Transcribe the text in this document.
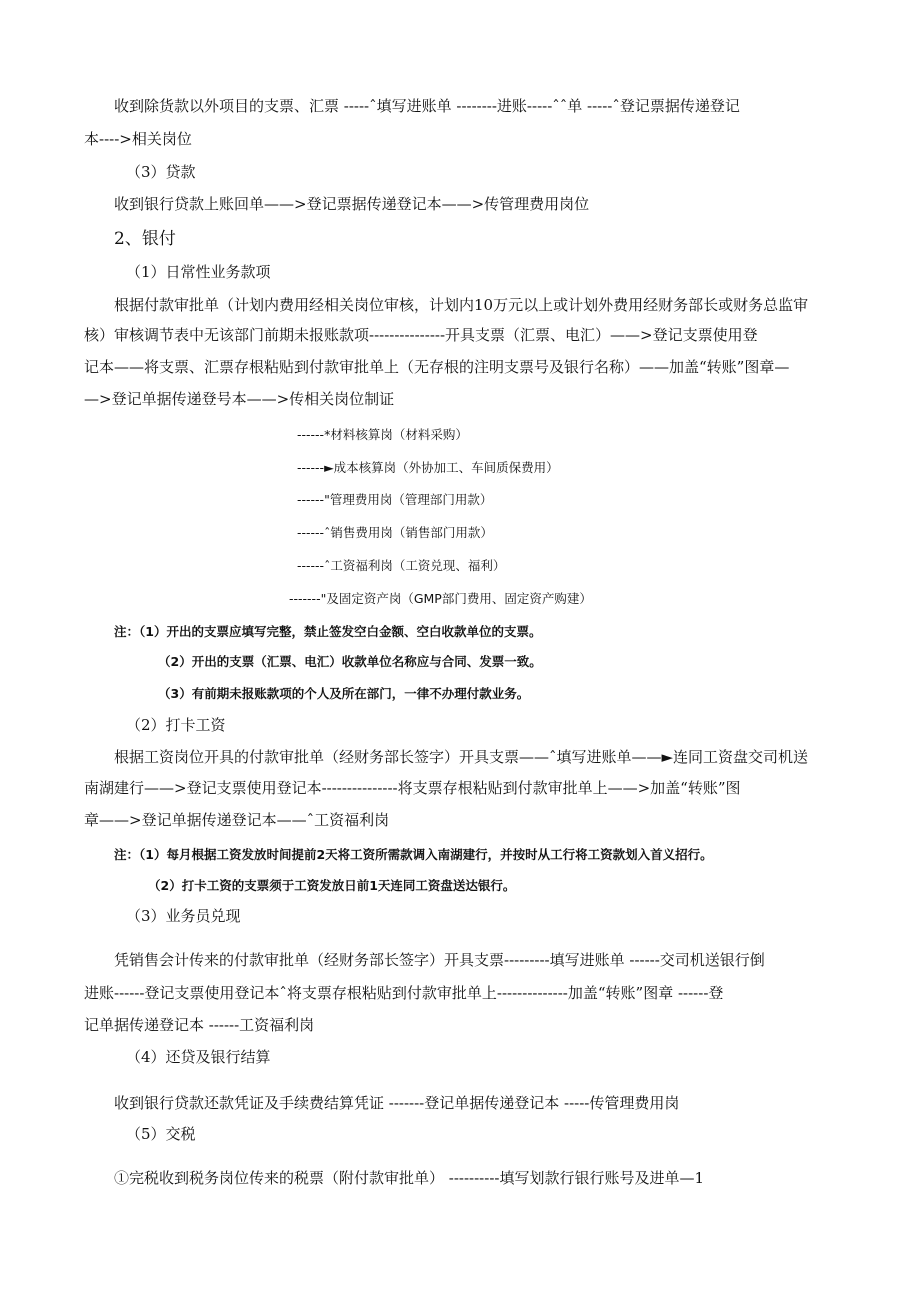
收到除货款以外项目的支票、汇票 -----ˆ填写进账单 --------进账-----ˆˆ单 -----ˆ登记票据传递登记
本---->相关岗位
（3）贷款
收到银行贷款上账回单——>登记票据传递登记本——>传管理费用岗位
2、银付
（1）日常性业务款项
根据付款审批单（计划内费用经相关岗位审核，计划内10万元以上或计划外费用经财务部长或财务总监审
核）审核调节表中无该部门前期未报账款项---------------开具支票（汇票、电汇）——>登记支票使用登
记本——将支票、汇票存根粘贴到付款审批单上（无存根的注明支票号及银行名称）——加盖“转账”图章—
—>登记单据传递登号本——>传相关岗位制证
------*材料核算岗（材料采购）
------►成本核算岗（外协加工、车间质保费用）
------"管理费用岗（管理部门用款）
------ˆ销售费用岗（销售部门用款）
------ˆ工资福利岗（工资兑现、福利）
-------"及固定资产岗（GMP部门费用、固定资产购建）
注：（1）开出的支票应填写完整，禁止签发空白金额、空白收款单位的支票。
（2）开出的支票（汇票、电汇）收款单位名称应与合同、发票一致。
（3）有前期未报账款项的个人及所在部门，一律不办理付款业务。
（2）打卡工资
根据工资岗位开具的付款审批单（经财务部长签字）开具支票——ˆ填写进账单——►连同工资盘交司机送
南湖建行——>登记支票使用登记本---------------将支票存根粘贴到付款审批单上——>加盖“转账”图
章——>登记单据传递登记本——ˆ工资福利岗
注：（1）每月根据工资发放时间提前2天将工资所需款调入南湖建行，并按时从工行将工资款划入首义招行。
（2）打卡工资的支票须于工资发放日前1天连同工资盘送达银行。
（3）业务员兑现
凭销售会计传来的付款审批单（经财务部长签字）开具支票---------填写进账单 ------交司机送银行倒
进账------登记支票使用登记本ˆ将支票存根粘贴到付款审批单上--------------加盖“转账”图章 ------登
记单据传递登记本 ------工资福利岗
（4）还贷及银行结算
收到银行贷款还款凭证及手续费结算凭证 -------登记单据传递登记本 -----传管理费用岗
（5）交税
①完税收到税务岗位传来的税票（附付款审批单） ----------填写划款行银行账号及进单—1
